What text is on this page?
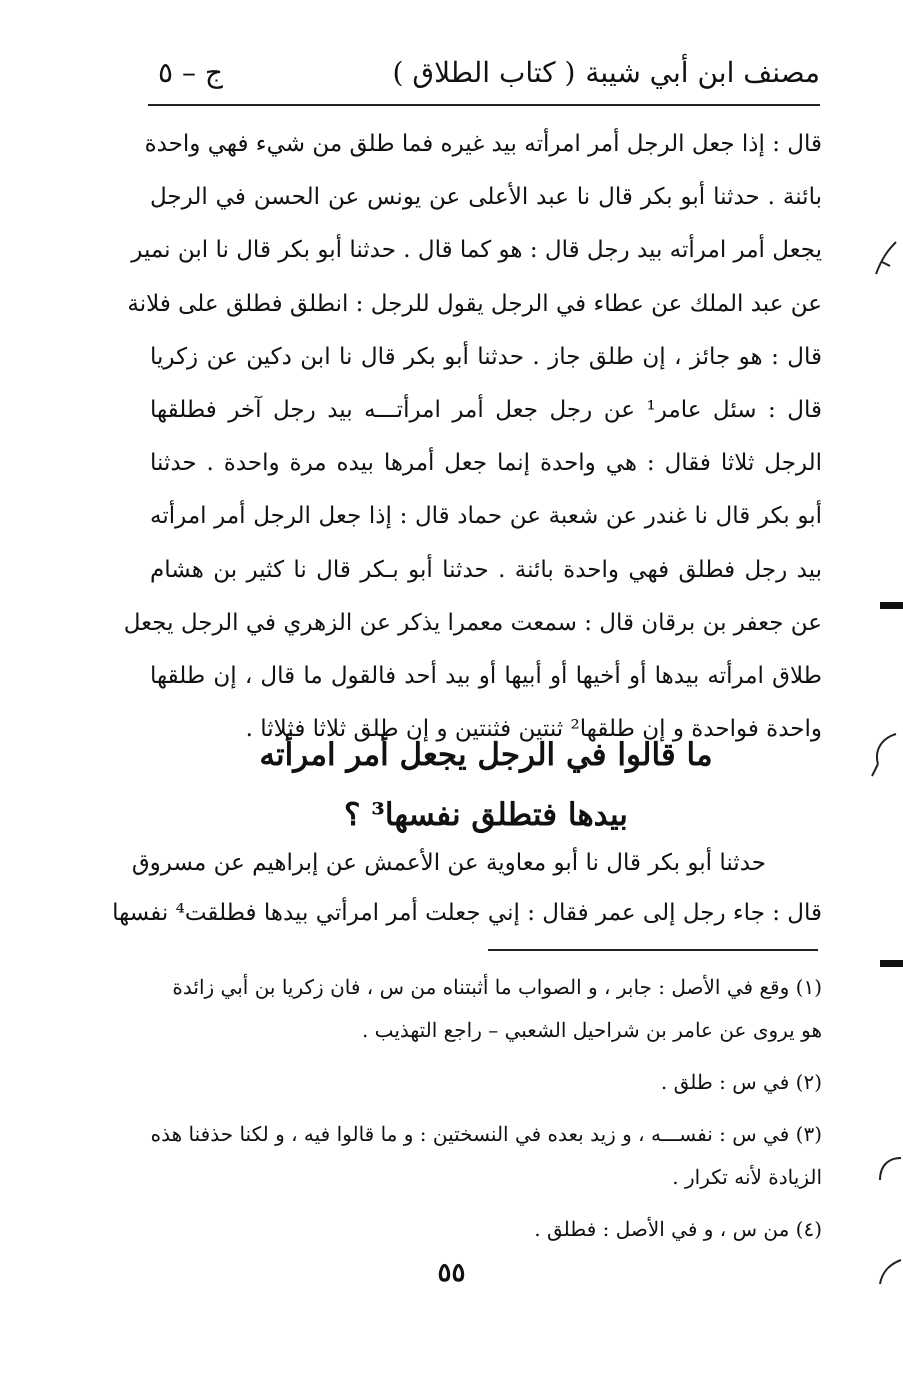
مصنف ابن أبي شيبة
( كتاب الطلاق )
ج – ٥
قال : إذا جعل الرجل أمر امرأته بيد غيره فما طلق من شيء فهي واحدة
بائنة . حدثنا أبو بكر قال نا عبد الأعلى عن يونس عن الحسن في الرجل
يجعل أمر امرأته بيد رجل قال : هو كما قال . حدثنا أبو بكر قال نا ابن نمير
عن عبد الملك عن عطاء في الرجل يقول للرجل : انطلق فطلق على فلانة
قال : هو جائز ، إن طلق جاز . حدثنا أبو بكر قال نا ابن دكين عن زكريا
قال : سئل عامر¹ عن رجل جعل أمر امرأتـــه بيد رجل آخر فطلقها
الرجل ثلاثا فقال : هي واحدة إنما جعل أمرها بيده مرة واحدة . حدثنا
أبو بكر قال نا غندر عن شعبة عن حماد قال : إذا جعل الرجل أمر امرأته
بيد رجل فطلق فهي واحدة بائنة . حدثنا أبو بـكر قال نا كثير بن هشام
عن جعفر بن برقان قال : سمعت معمرا يذكر عن الزهري في الرجل يجعل
طلاق امرأته بيدها أو أخيها أو أبيها أو بيد أحد فالقول ما قال ، إن طلقها
واحدة فواحدة و إن طلقها² ثنتين فثنتين و إن طلق ثلاثا فثلاثا .
ما قالوا في الرجل يجعل أمر امرأته
بيدها فتطلق نفسها³ ؟
حدثنا أبو بكر قال نا أبو معاوية عن الأعمش عن إبراهيم عن مسروق
قال : جاء رجل إلى عمر فقال : إني جعلت أمر امرأتي بيدها فطلقت⁴ نفسها
(١) وقع في الأصل : جابر ، و الصواب ما أثبتناه من س ، فان زكريا بن أبي زائدة
هو يروى عن عامر بن شراحيل الشعبي – راجع التهذيب .
(٢) في س : طلق .
(٣) في س : نفســـه ، و زيد بعده في النسختين : و ما قالوا فيه ، و لكنا حذفنا هذه
الزيادة لأنه تكرار .
(٤) من س ، و في الأصل : فطلق .
٥٥
